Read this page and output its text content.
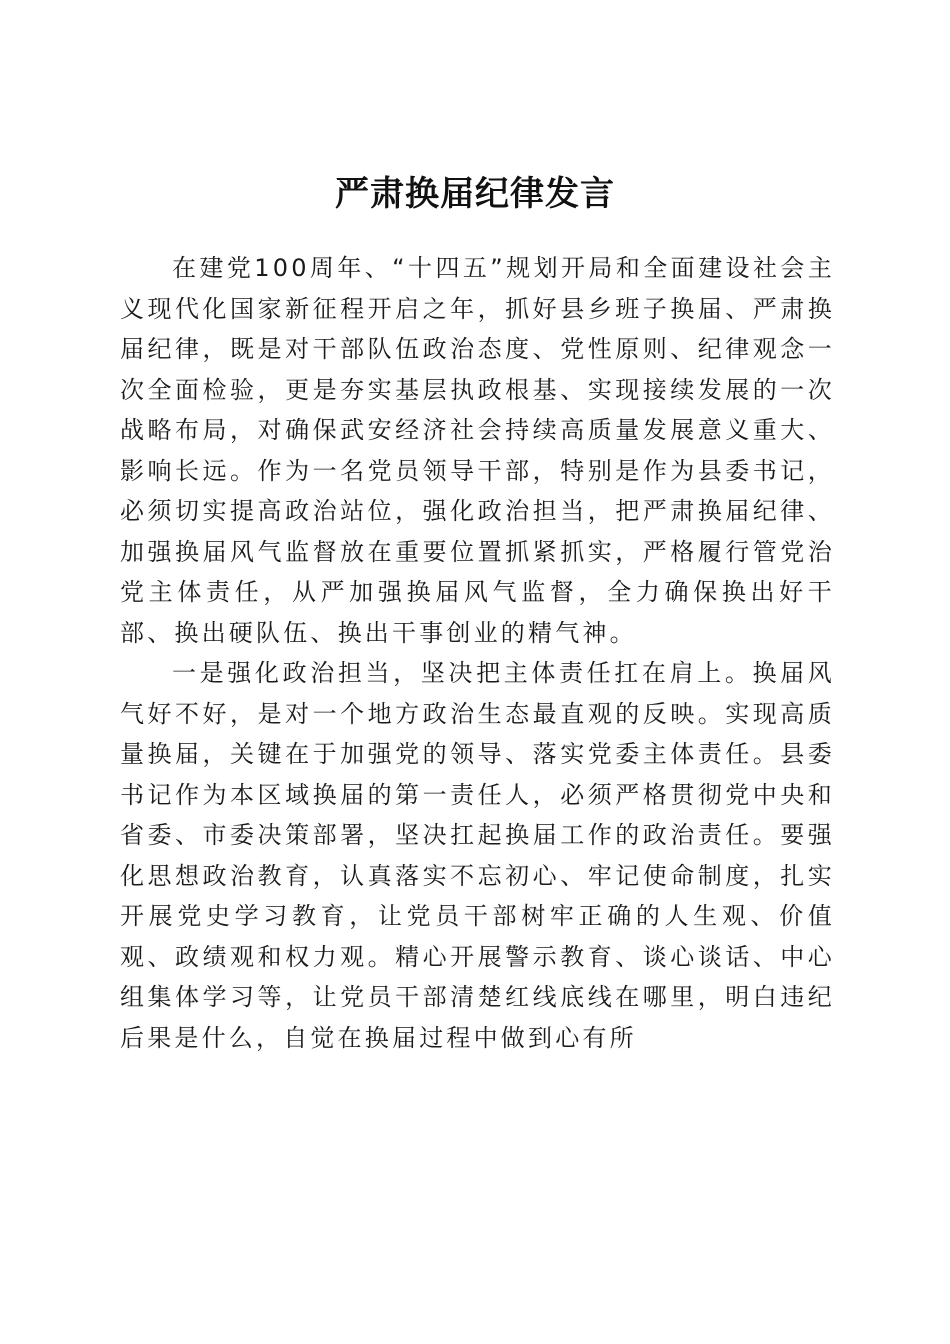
严肃换届纪律发言

在建党100周年、“十四五”规划开局和全面建设社会主义现代化国家新征程开启之年，抓好县乡班子换届、严肃换届纪律，既是对干部队伍政治态度、党性原则、纪律观念一次全面检验，更是夯实基层执政根基、实现接续发展的一次战略布局，对确保武安经济社会持续高质量发展意义重大、影响长远。作为一名党员领导干部，特别是作为县委书记，必须切实提高政治站位，强化政治担当，把严肃换届纪律、加强换届风气监督放在重要位置抓紧抓实，严格履行管党治党主体责任，从严加强换届风气监督，全力确保换出好干部、换出硬队伍、换出干事创业的精气神。

一是强化政治担当，坚决把主体责任扛在肩上。换届风气好不好，是对一个地方政治生态最直观的反映。实现高质量换届，关键在于加强党的领导、落实党委主体责任。县委书记作为本区域换届的第一责任人，必须严格贯彻党中央和省委、市委决策部署，坚决扛起换届工作的政治责任。要强化思想政治教育，认真落实不忘初心、牢记使命制度，扎实开展党史学习教育，让党员干部树牢正确的人生观、价值观、政绩观和权力观。精心开展警示教育、谈心谈话、中心组集体学习等，让党员干部清楚红线底线在哪里，明白违纪后果是什么，自觉在换届过程中做到心有所
